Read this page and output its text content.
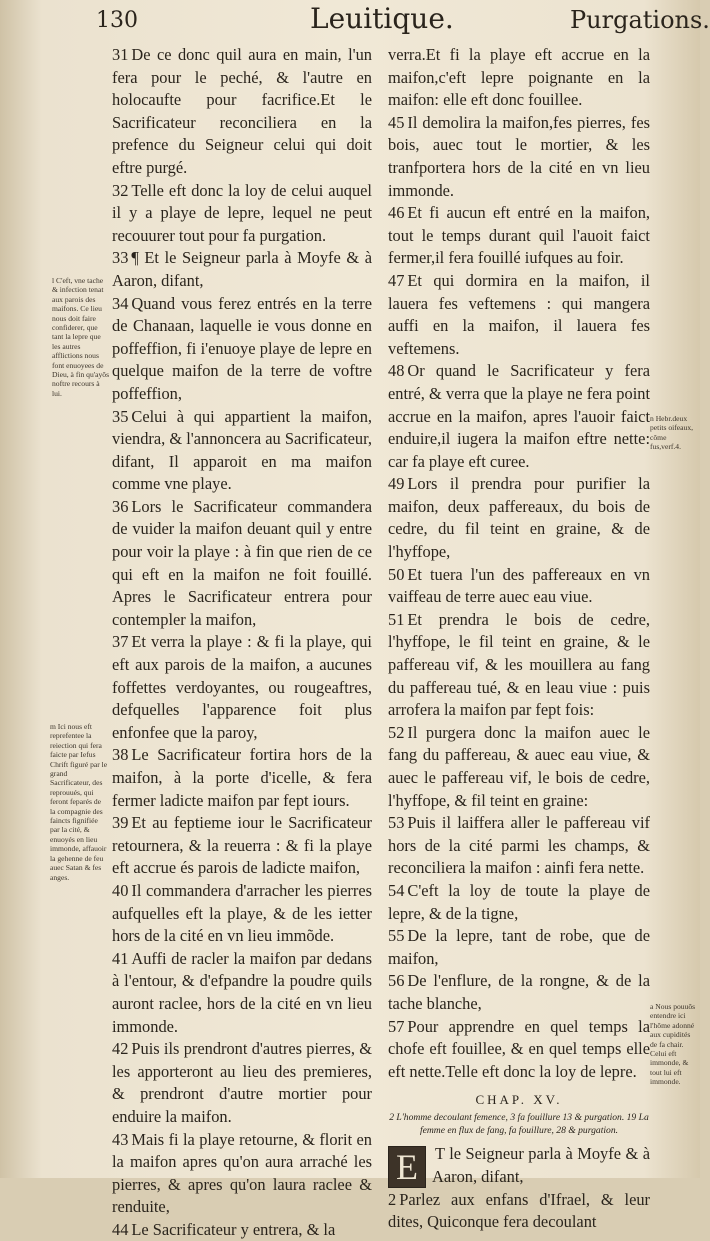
130	Leuitique.	Purgations.

31 De ce donc quil aura en main, l'un fera pour le peché, & l'autre en holocaufte pour facrifice.Et le Sacrificateur reconciliera en la prefence du Seigneur celui qui doit eftre purgé.

32 Telle eft donc la loy de celui auquel il y a playe de lepre, lequel ne peut recouurer tout pour fa purgation.

33 ¶ Et le Seigneur parla à Moyfe & à Aaron, difant,

34 Quand vous ferez entrés en la terre de Chanaan, laquelle ie vous donne en poffeffion, fi i'enuoye playe de lepre en quelque maifon de la terre de voftre poffeffion,

35 Celui à qui appartient la maifon, viendra, & l'annoncera au Sacrificateur, difant, Il apparoit en ma maifon comme vne playe.

36 Lors le Sacrificateur commandera de vuider la maifon deuant quil y entre pour voir la playe : à fin que rien de ce qui eft en la maifon ne foit fouillé. Apres le Sacrificateur entrera pour contempler la maifon,

37 Et verra la playe : & fi la playe, qui eft aux parois de la maifon, a aucunes foffettes verdoyantes, ou rougeaftres, defquelles l'apparence foit plus enfonfee que la paroy,

38 Le Sacrificateur fortira hors de la maifon, à la porte d'icelle, & fera fermer ladicte maifon par fept iours.

39 Et au feptieme iour le Sacrificateur retournera, & la reuerra : & fi la playe eft accrue és parois de ladicte maifon,

40 Il commandera d'arracher les pierres aufquelles eft la playe, & de les ietter hors de la cité en vn lieu immõde.

41 Auffi de racler la maifon par dedans à l'entour, & d'efpandre la poudre quils auront raclee, hors de la cité en vn lieu immonde.

42 Puis ils prendront d'autres pierres, & les apporteront au lieu des premieres, & prendront d'autre mortier pour enduire la maifon.

43 Mais fi la playe retourne, & florit en la maifon apres qu'on aura arraché les pierres, & apres qu'on laura raclee & renduite,

44 Le Sacrificateur y entrera, & la

verra.Et fi la playe eft accrue en la maifon,c'eft lepre poignante en la maifon: elle eft donc fouillee.

45 Il demolira la maifon,fes pierres, fes bois, auec tout le mortier, & les tranfportera hors de la cité en vn lieu immonde.

46 Et fi aucun eft entré en la maifon, tout le temps durant quil l'auoit faict fermer,il fera fouillé iufques au foir.

47 Et qui dormira en la maifon, il lauera fes veftemens : qui mangera auffi en la maifon, il lauera fes veftemens.

48 Or quand le Sacrificateur y fera entré, & verra que la playe ne fera point accrue en la maifon, apres l'auoir faict enduire,il iugera la maifon eftre nette: car fa playe eft curee.

49 Lors il prendra pour purifier la maifon, deux paffereaux, du bois de cedre, du fil teint en graine, & de l'hyffope,

50 Et tuera l'un des paffereaux en vn vaiffeau de terre auec eau viue.

51 Et prendra le bois de cedre, l'hyffope, le fil teint en graine, & le paffereau vif, & les mouillera au fang du paffereau tué, & en leau viue : puis arrofera la maifon par fept fois:

52 Il purgera donc la maifon auec le fang du paffereau, & auec eau viue, & auec le paffereau vif, le bois de cedre, l'hyffope, & fil teint en graine:

53 Puis il laiffera aller le paffereau vif hors de la cité parmi les champs, & reconciliera la maifon : ainfi fera nette.

54 C'eft la loy de toute la playe de lepre, & de la tigne,

55 De la lepre, tant de robe, que de maifon,

56 De l'enflure, de la rongne, & de la tache blanche,

57 Pour apprendre en quel temps la chofe eft fouillee, & en quel temps elle eft nette.Telle eft donc la loy de lepre.

CHAP. XV.
2 L'homme decoulant femence, 3 fa fouillure 13 & purgation. 19 La femme en flux de fang, fa fouillure, 28 & purgation.
E	T le Seigneur parla à Moyfe & à Aaron, difant,

2 Parlez aux enfans d'Ifrael, & leur dites, Quiconque fera decoulant

l C'eft, vne tache & infection tenat aux parois des maifons. Ce lieu nous doit faire confiderer, que tant la lepre que les autres afflictions nous font enuoyees de Dieu, à fin qu'ayõs noftre recours à lui.
m Ici nous eft reprefentee la reiection qui fera faicte par Iefus Chrift figuré par le grand Sacrificateur, des reprouués, qui feront feparés de la compagnie des faincts fignifiée par la cité, & enuoyés en lieu immonde, affauoir la gehenne de feu auec Satan & fes anges.
n Hebr.deux petits oifeaux, cõme fus,verf.4.
a Nous pouuõs entendre ici l'hõme adonné aux cupidités de fa chair. Celui eft immonde, & tout lui eft immonde.
